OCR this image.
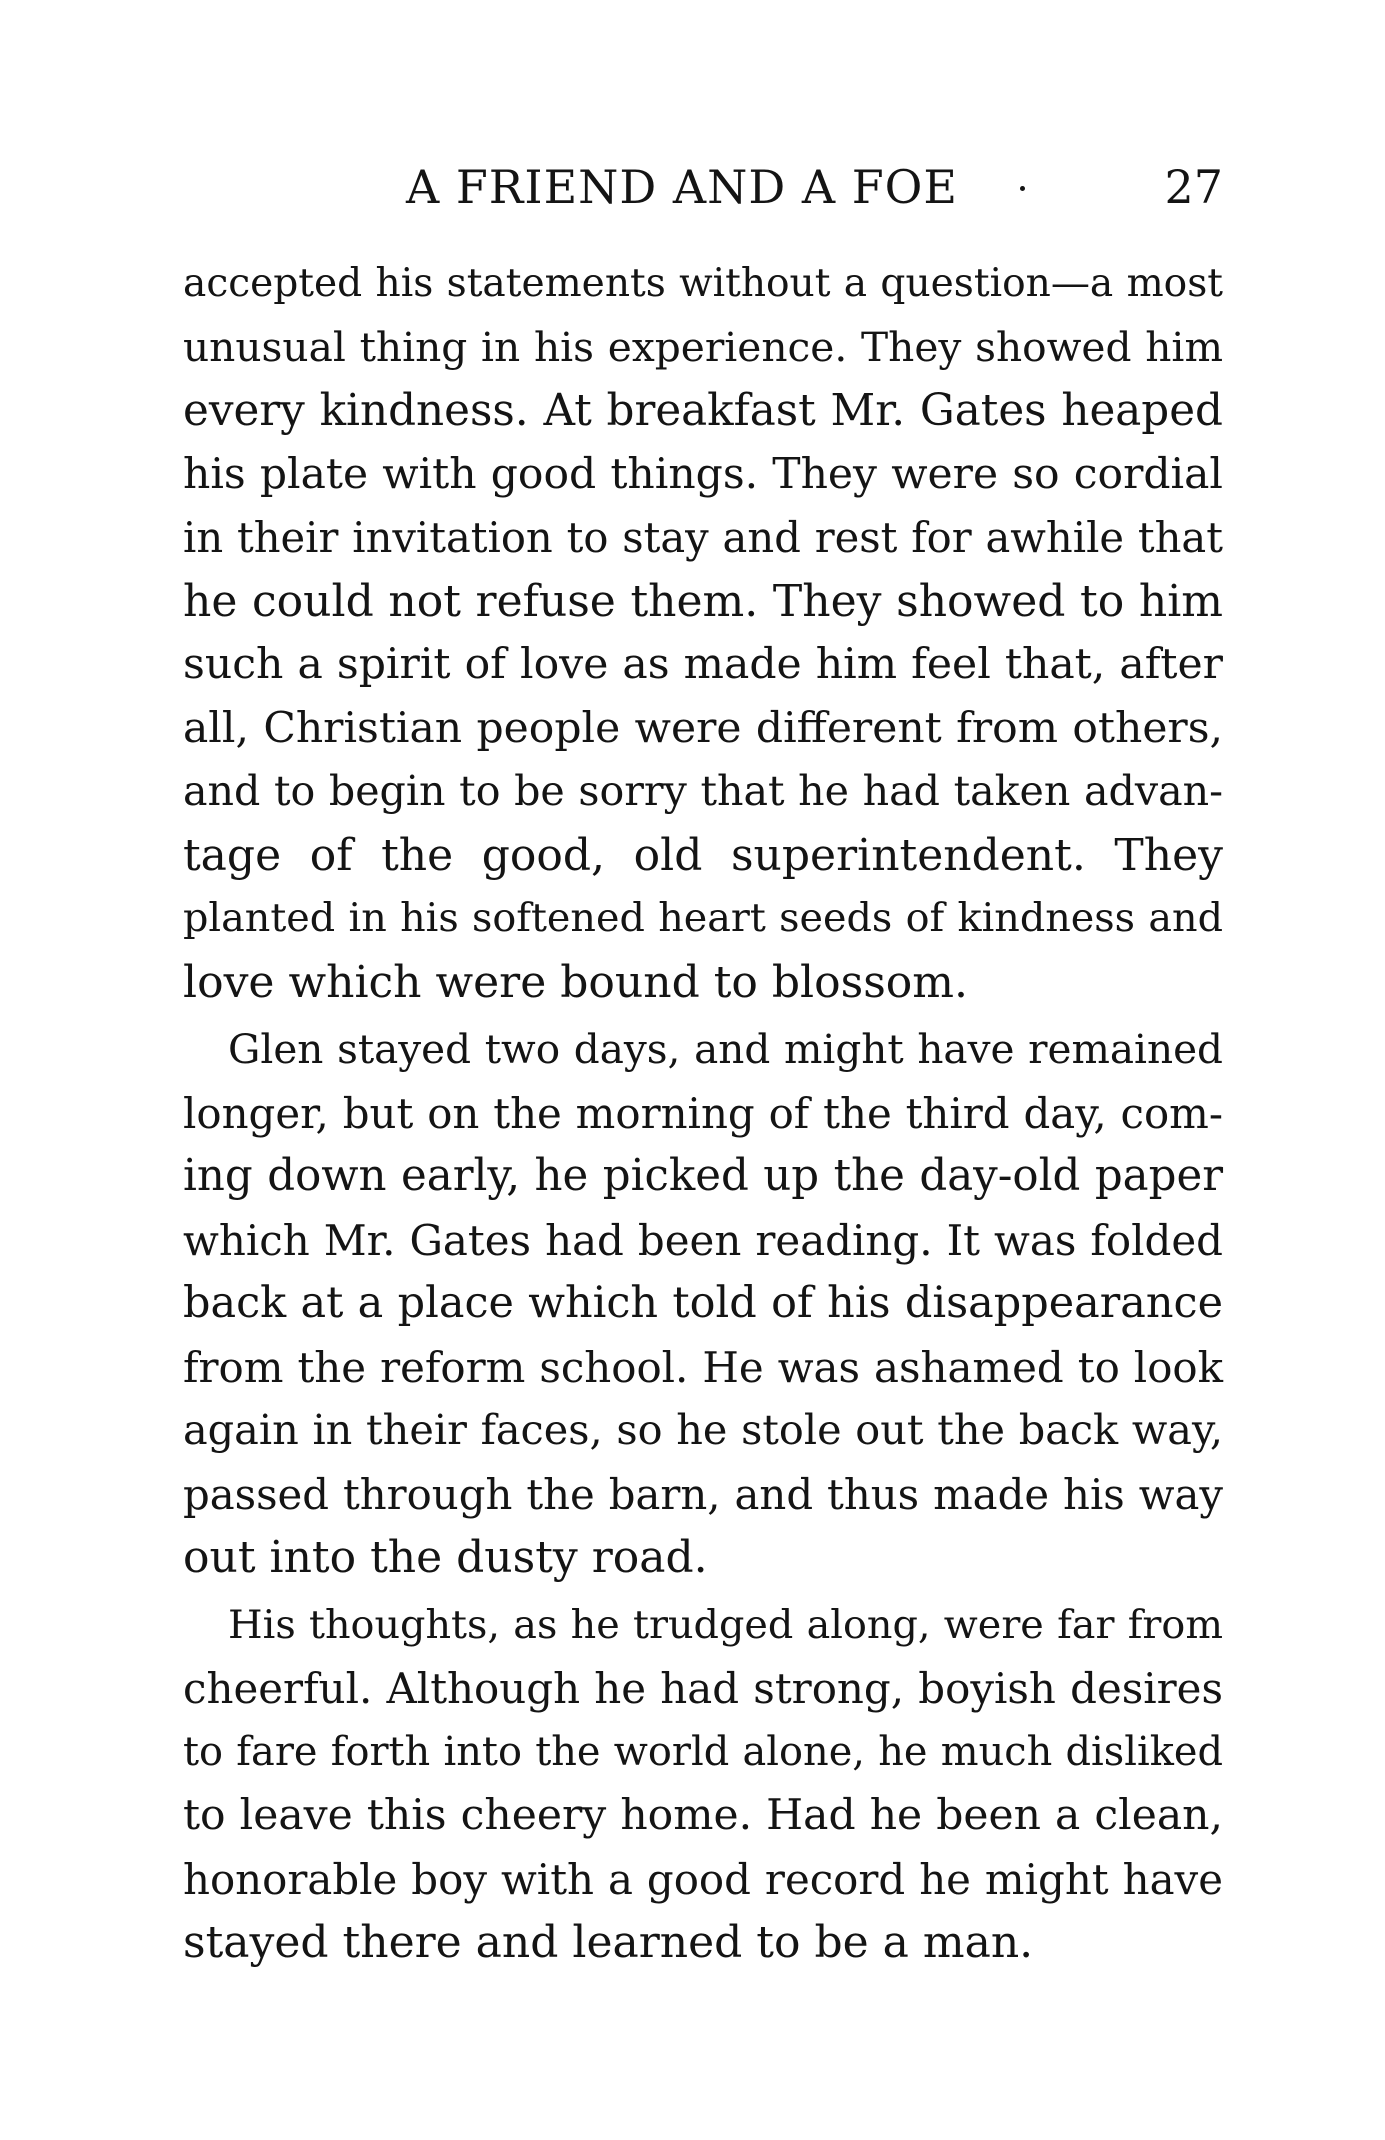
A FRIEND AND A FOE	27
accepted his statements without a question—a most
unusual thing in his experience. They showed him
every kindness. At breakfast Mr. Gates heaped
his plate with good things. They were so cordial
in their invitation to stay and rest for awhile that
he could not refuse them. They showed to him
such a spirit of love as made him feel that, after
all, Christian people were different from others,
and to begin to be sorry that he had taken advan-
tage of the good, old superintendent. They
planted in his softened heart seeds of kindness and
love which were bound to blossom.
Glen stayed two days, and might have remained
longer, but on the morning of the third day, com-
ing down early, he picked up the day-old paper
which Mr. Gates had been reading. It was folded
back at a place which told of his disappearance
from the reform school. He was ashamed to look
again in their faces, so he stole out the back way,
passed through the barn, and thus made his way
out into the dusty road.
His thoughts, as he trudged along, were far from
cheerful. Although he had strong, boyish desires
to fare forth into the world alone, he much disliked
to leave this cheery home. Had he been a clean,
honorable boy with a good record he might have
stayed there and learned to be a man.
